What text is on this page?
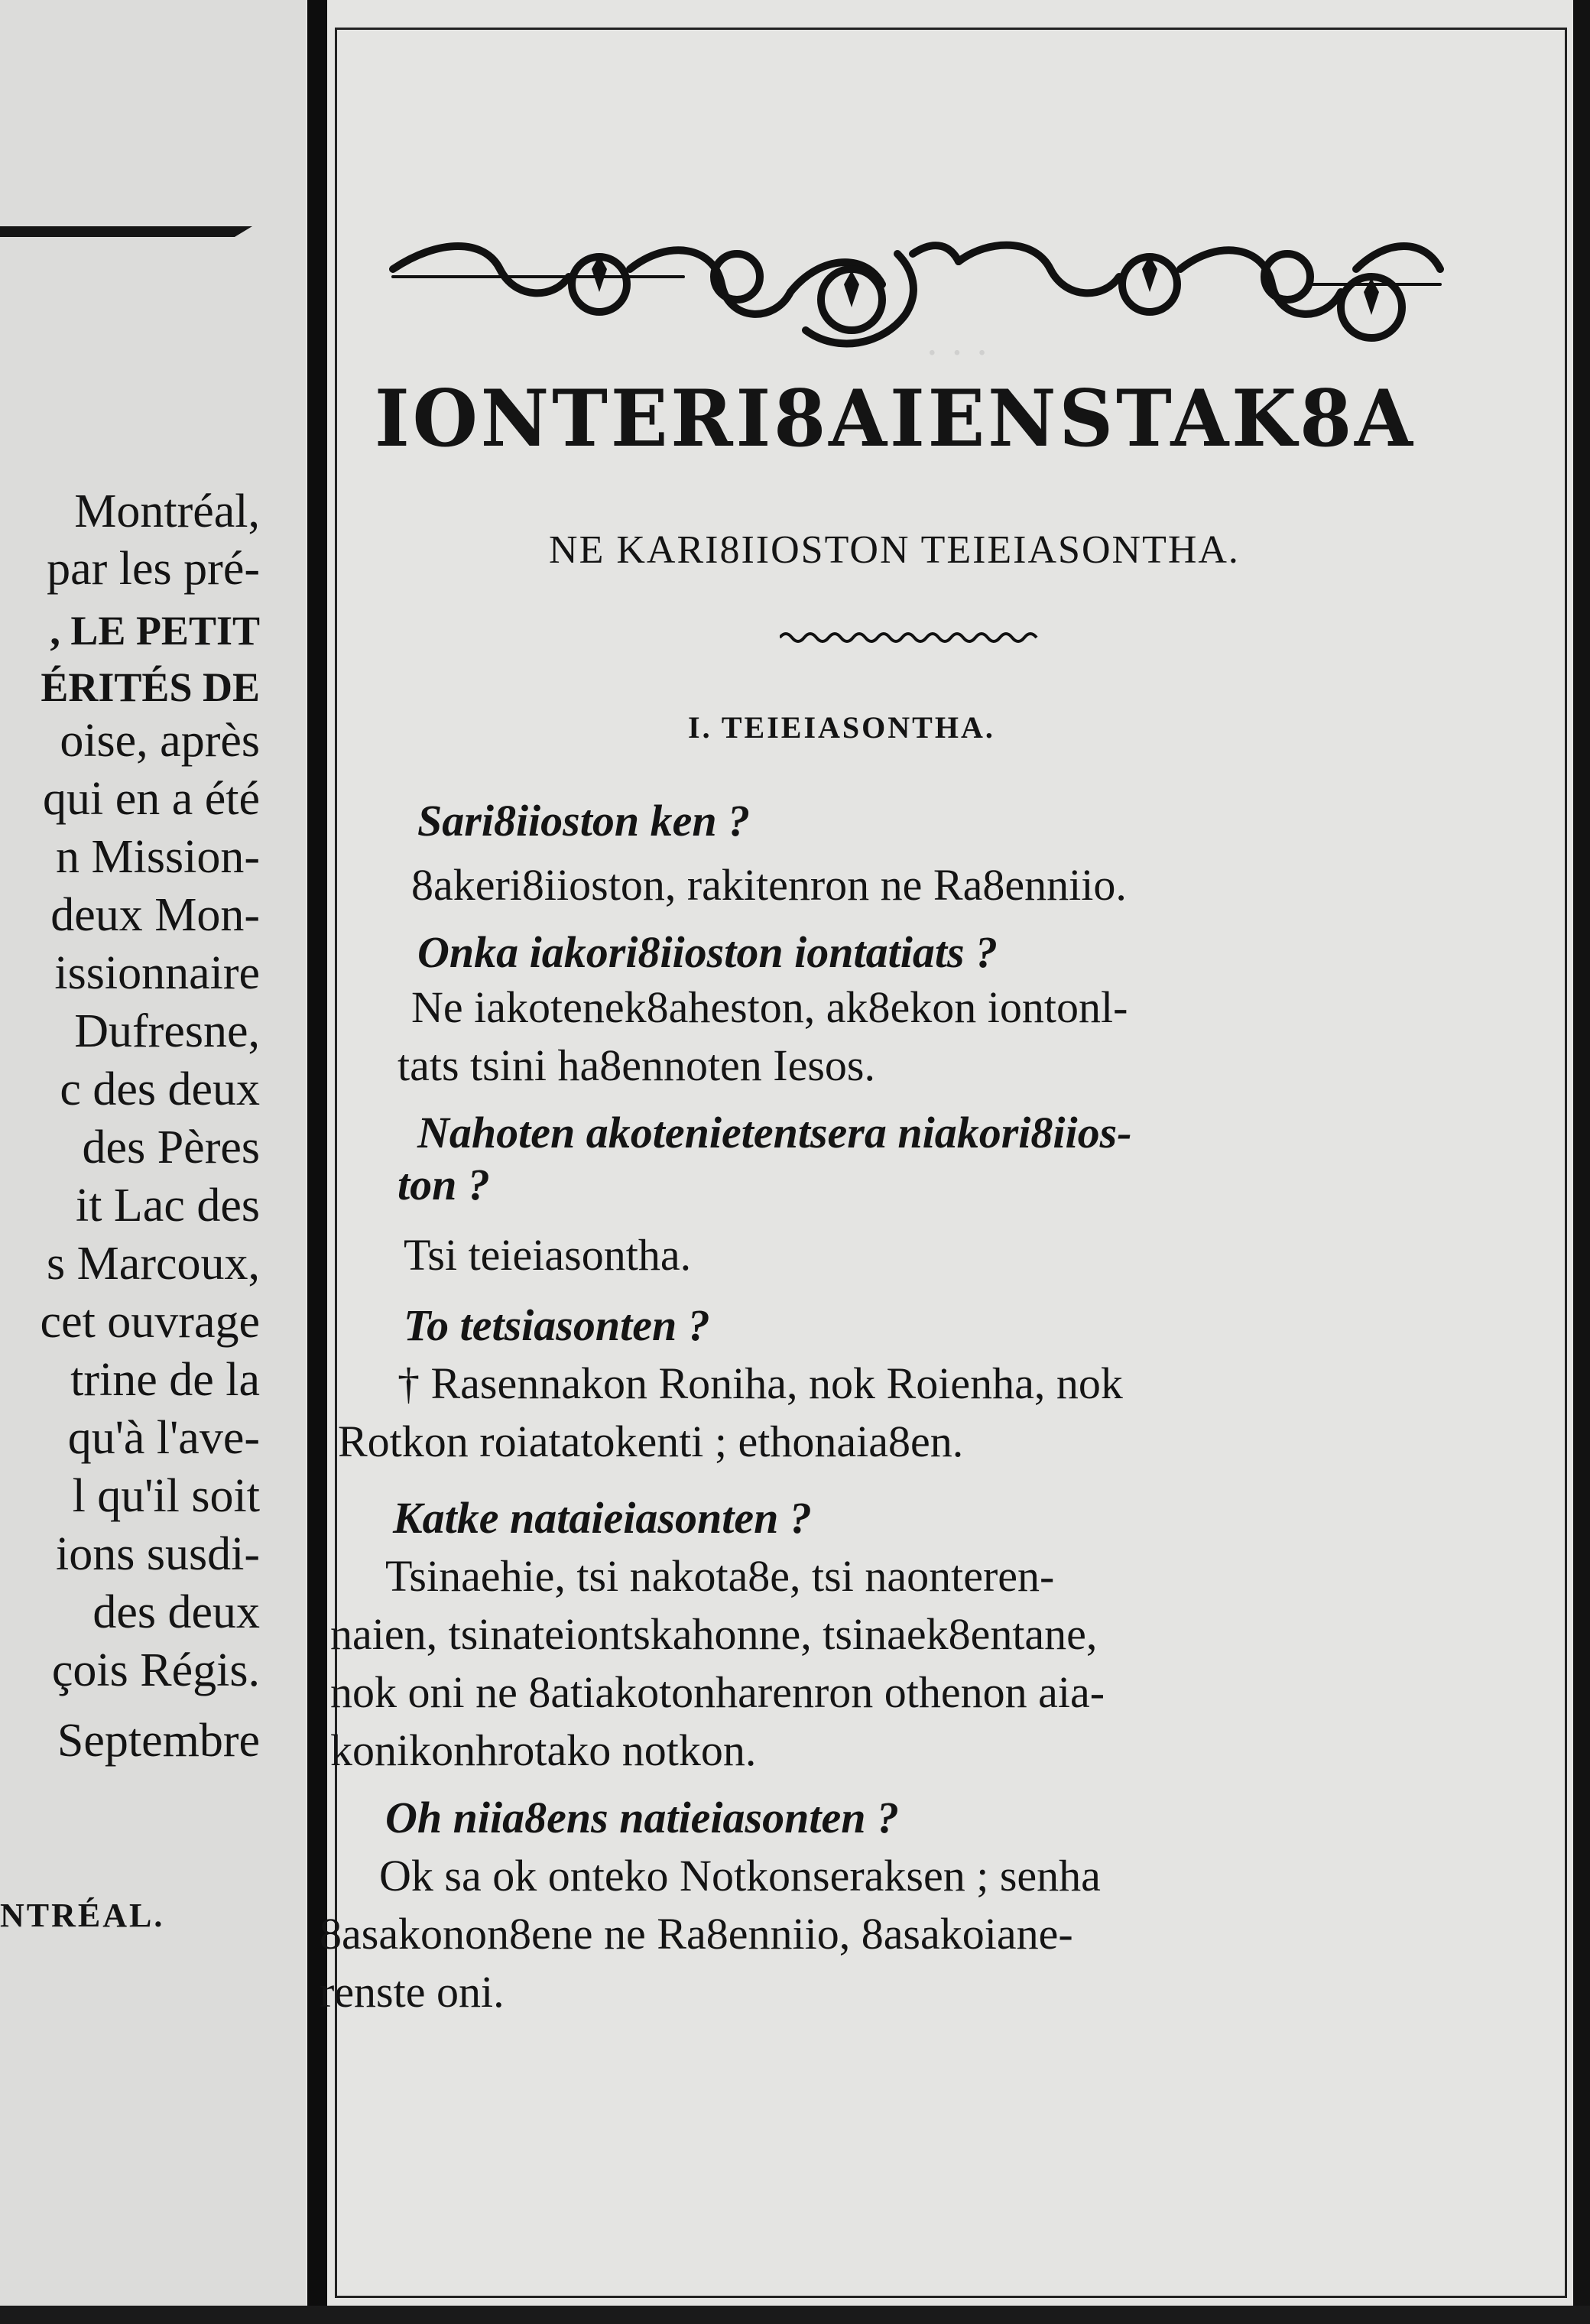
Montréal,
par les pré-
, LE PETIT
ÉRITÉS DE
oise, après
qui en a été
n Mission-
deux Mon-
issionnaire
Dufresne,
c des deux
des Pères
it Lac des
s Marcoux,
cet ouvrage
trine de la
qu'à l'ave-
l qu'il soit
ions susdi-
des deux
çois Régis.
Septembre
NTRÉAL.
· · ·
IONTERI8AIENSTAK8A
NE KARI8IIOSTON TEIEIASONTHA.
I. TEIEIASONTHA.
Sari8iioston ken ?
8akeri8iioston, rakitenron ne Ra8enniio.
Onka iakori8iioston iontatiats ?
Ne iakotenek8aheston, ak8ekon iontonl-
tats tsini ha8ennoten Iesos.
Nahoten akotenietentsera niakori8iios-
ton ?
Tsi teieiasontha.
To tetsiasonten ?
† Rasennakon Roniha, nok Roienha, nok
Rotkon roiatatokenti ; ethonaia8en.
Katke nataieiasonten ?
Tsinaehie, tsi nakota8e, tsi naonteren-
naien, tsinateiontskahonne, tsinaek8entane,
nok oni ne 8atiakotonharenron othenon aia-
konikonhrotako notkon.
Oh niia8ens natieiasonten ?
Ok sa ok onteko Notkonseraksen ; senha
8asakonon8ene ne Ra8enniio, 8asakoiane-
renste oni.
